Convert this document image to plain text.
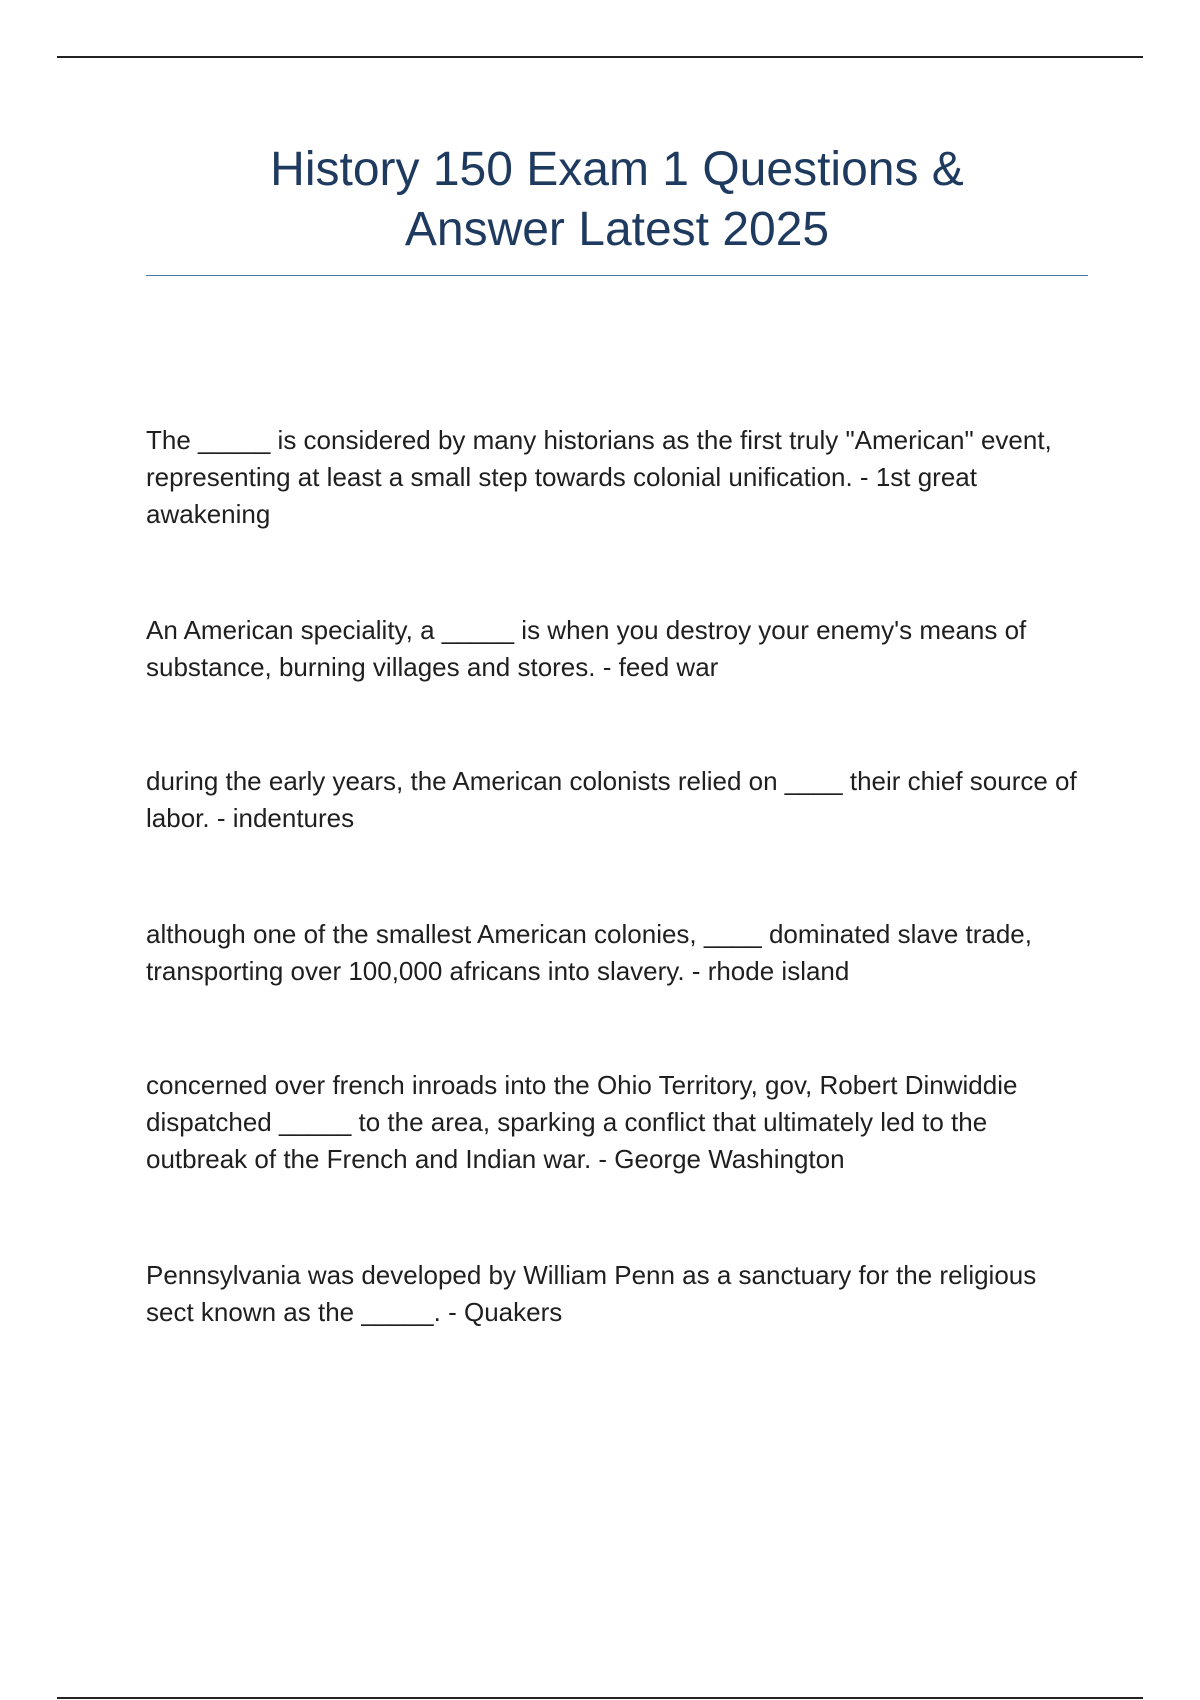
History 150 Exam 1 Questions &
Answer Latest 2025

The _____ is considered by many historians as the first truly "American" event, representing at least a small step towards colonial unification. - 1st great awakening

An American speciality, a _____ is when you destroy your enemy's means of substance, burning villages and stores. - feed war

during the early years, the American colonists relied on ____ their chief source of labor. - indentures

although one of the smallest American colonies, ____ dominated slave trade, transporting over 100,000 africans into slavery. - rhode island

concerned over french inroads into the Ohio Territory, gov, Robert Dinwiddie dispatched _____ to the area, sparking a conflict that ultimately led to the outbreak of the French and Indian war. - George Washington

Pennsylvania was developed by William Penn as a sanctuary for the religious sect known as the _____. - Quakers
